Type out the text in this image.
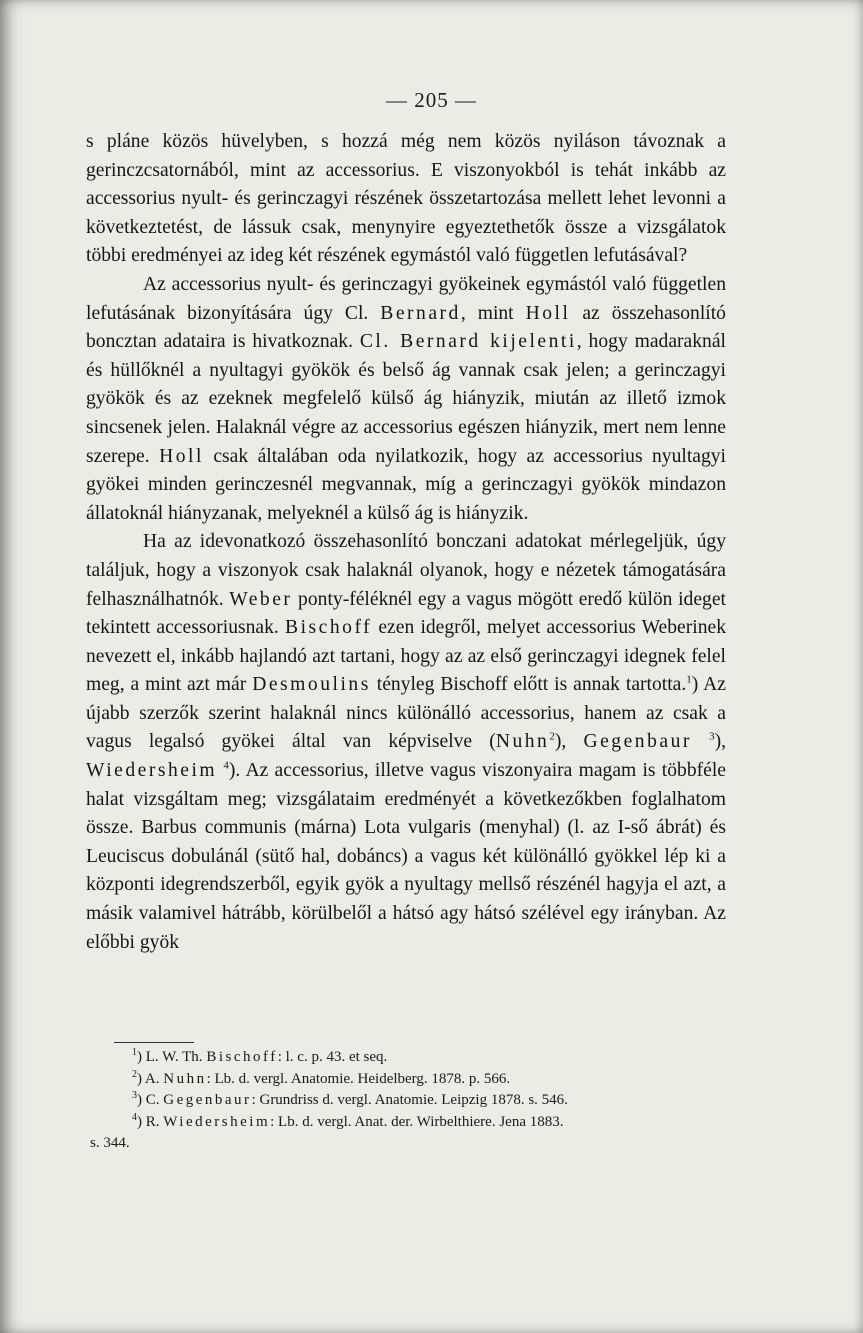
— 205 —

s pláne közös hüvelyben, s hozzá még nem közös nyiláson távoznak a gerinczcsatornából, mint az accessorius. E viszonyokból is tehát inkább az accessorius nyult- és gerinczagyi részének összetartozása mellett lehet levonni a következtetést, de lássuk csak, menynyire egyeztethetők össze a vizsgálatok többi eredményei az ideg két részének egymástól való független lefutásával?

Az accessorius nyult- és gerinczagyi gyökeinek egymástól való független lefutásának bizonyítására úgy Cl. Bernard, mint Holl az összehasonlító boncztan adataira is hivatkoznak. Cl. Bernard kijelenti, hogy madaraknál és hüllőknél a nyultagyi gyökök és belső ág vannak csak jelen; a gerinczagyi gyökök és az ezeknek megfelelő külső ág hiányzik, miután az illető izmok sincsenek jelen. Halaknál végre az accessorius egészen hiányzik, mert nem lenne szerepe. Holl csak általában oda nyilatkozik, hogy az accessorius nyultagyi gyökei minden gerinczesnél megvannak, míg a gerinczagyi gyökök mindazon állatoknál hiányzanak, melyeknél a külső ág is hiányzik.

Ha az idevonatkozó összehasonlító bonczani adatokat mérlegeljük, úgy találjuk, hogy a viszonyok csak halaknál olyanok, hogy e nézetek támogatására felhasználhatnók. Weber ponty-féléknél egy a vagus mögött eredő külön ideget tekintett accessoriusnak. Bischoff ezen idegről, melyet accessorius Weberinek nevezett el, inkább hajlandó azt tartani, hogy az az első gerinczagyi idegnek felel meg, a mint azt már Desmoulins tényleg Bischoff előtt is annak tartotta.$^1$) Az újabb szerzők szerint halaknál nincs különálló accessorius, hanem az csak a vagus legalsó gyökei által van képviselve (Nuhn$^2$), Gegenbaur $^3$), Wiedersheim $^4$). Az accessorius, illetve vagus viszonyaira magam is többféle halat vizsgáltam meg; vizsgálataim eredményét a következőkben foglalhatom össze. Barbus communis (márna) Lota vulgaris (menyhal) (l. az I-ső ábrát) és Leuciscus dobulánál (sütő hal, dobáncs) a vagus két különálló gyökkel lép ki a központi idegrendszerből, egyik gyök a nyultagy mellső részénél hagyja el azt, a másik valamivel hátrább, körülbelől a hátsó agy hátsó szélével egy irányban. Az előbbi gyök

$^1$) L. W. Th. Bischoff: l. c. p. 43. et seq.
$^2$) A. Nuhn: Lb. d. vergl. Anatomie. Heidelberg. 1878. p. 566.
$^3$) C. Gegenbaur: Grundriss d. vergl. Anatomie. Leipzig 1878. s. 546.
$^4$) R. Wiedersheim: Lb. d. vergl. Anat. der. Wirbelthiere. Jena 1883.
s. 344.
